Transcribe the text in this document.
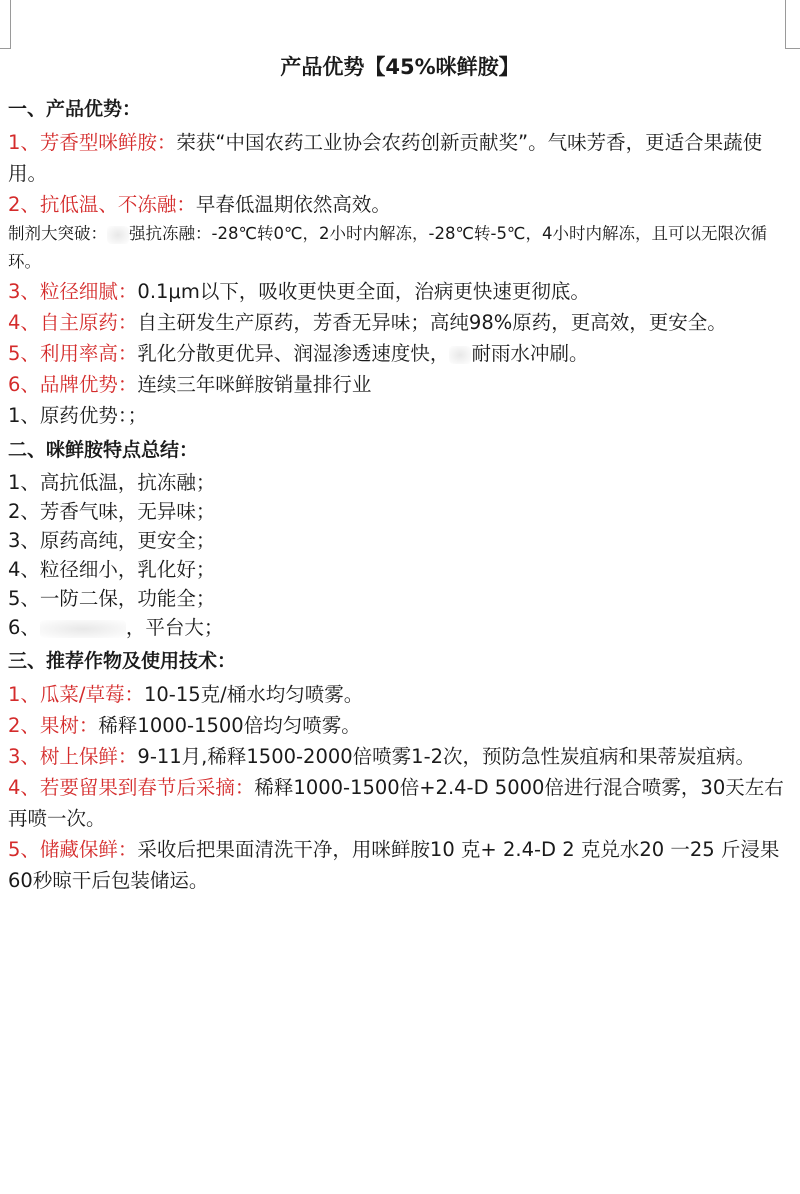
产品优势【45%咪鲜胺】
一、产品优势：

1、芳香型咪鲜胺：荣获“中国农药工业协会农药创新贡献奖”。气味芳香，更适合果蔬使用。

2、抗低温、不冻融：早春低温期依然高效。

制剂大突破： 强抗冻融：-28℃转0℃，2小时内解冻，-28℃转-5℃，4小时内解冻，且可以无限次循环。

3、粒径细腻：0.1μm以下，吸收更快更全面，治病更快速更彻底。

4、自主原药：自主研发生产原药，芳香无异味；高纯98%原药，更高效，更安全。

5、利用率高：乳化分散更优异、润湿渗透速度快， 耐雨水冲刷。

6、品牌优势：连续三年咪鲜胺销量排行业

1、原药优势：；

二、咪鲜胺特点总结：

1、高抗低温，抗冻融；

2、芳香气味，无异味；

3、原药高纯，更安全；

4、粒径细小，乳化好；

5、一防二保，功能全；

6、	，平台大；

三、推荐作物及使用技术：

1、瓜菜/草莓：10-15克/桶水均匀喷雾。

2、果树：稀释1000-1500倍均匀喷雾。

3、树上保鲜：9-11月,稀释1500-2000倍喷雾1-2次，预防急性炭疽病和果蒂炭疽病。

4、若要留果到春节后采摘：稀释1000-1500倍+2.4-D 5000倍进行混合喷雾，30天左右再喷一次。

5、储藏保鲜：采收后把果面清洗干净，用咪鲜胺10 克+ 2.4-D 2 克兑水20 一25 斤浸果60秒晾干后包装储运。
